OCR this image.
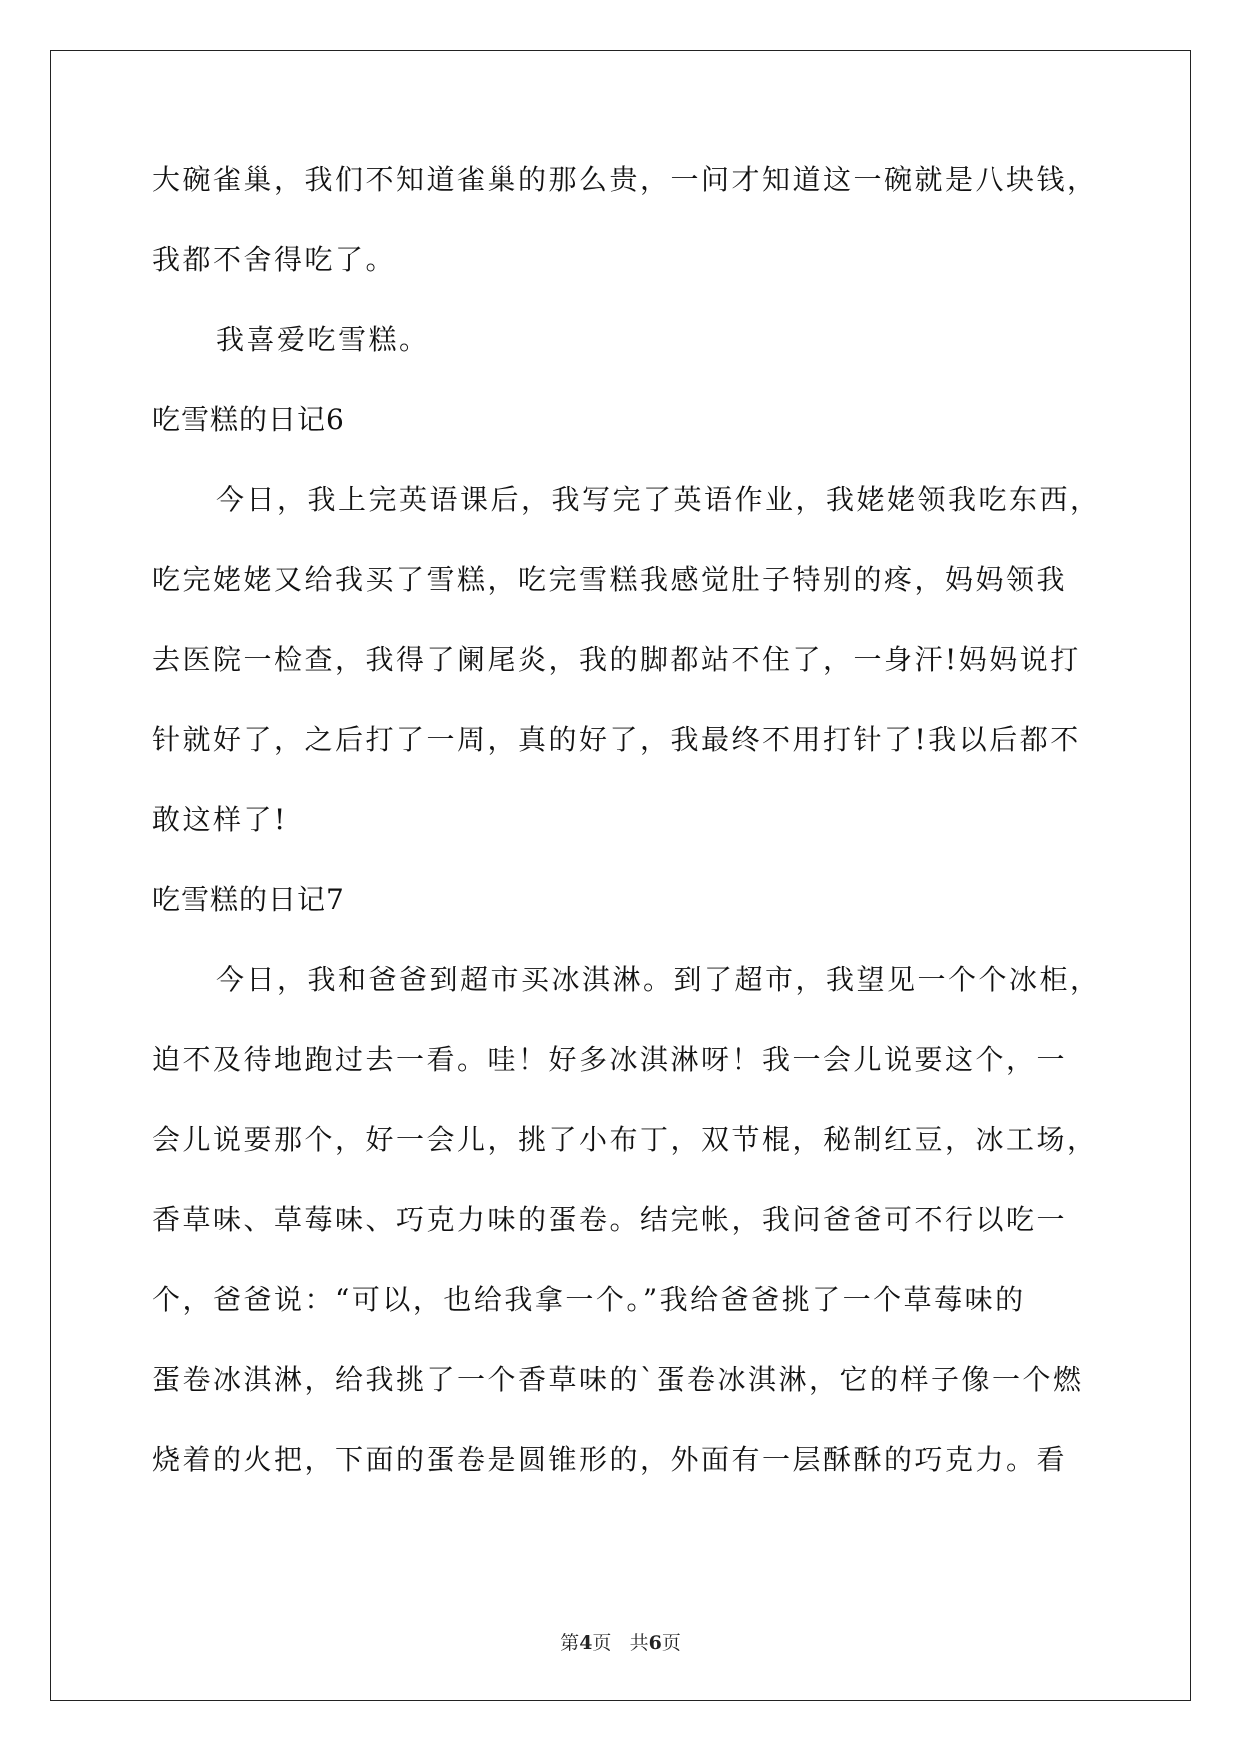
大碗雀巢，我们不知道雀巢的那么贵，一问才知道这一碗就是八块钱，
我都不舍得吃了。
我喜爱吃雪糕。
吃雪糕的日记6
今日，我上完英语课后，我写完了英语作业，我姥姥领我吃东西，
吃完姥姥又给我买了雪糕，吃完雪糕我感觉肚子特别的疼，妈妈领我
去医院一检查，我得了阑尾炎，我的脚都站不住了，一身汗!妈妈说打
针就好了，之后打了一周，真的好了，我最终不用打针了!我以后都不
敢这样了!
吃雪糕的日记7
今日，我和爸爸到超市买冰淇淋。到了超市，我望见一个个冰柜，
迫不及待地跑过去一看。哇！好多冰淇淋呀！我一会儿说要这个，一
会儿说要那个，好一会儿，挑了小布丁，双节棍，秘制红豆，冰工场，
香草味、草莓味、巧克力味的蛋卷。结完帐，我问爸爸可不行以吃一
个，爸爸说：“可以，也给我拿一个。”我给爸爸挑了一个草莓味的
蛋卷冰淇淋，给我挑了一个香草味的`蛋卷冰淇淋，它的样子像一个燃
烧着的火把，下面的蛋卷是圆锥形的，外面有一层酥酥的巧克力。看
第4页 共6页
